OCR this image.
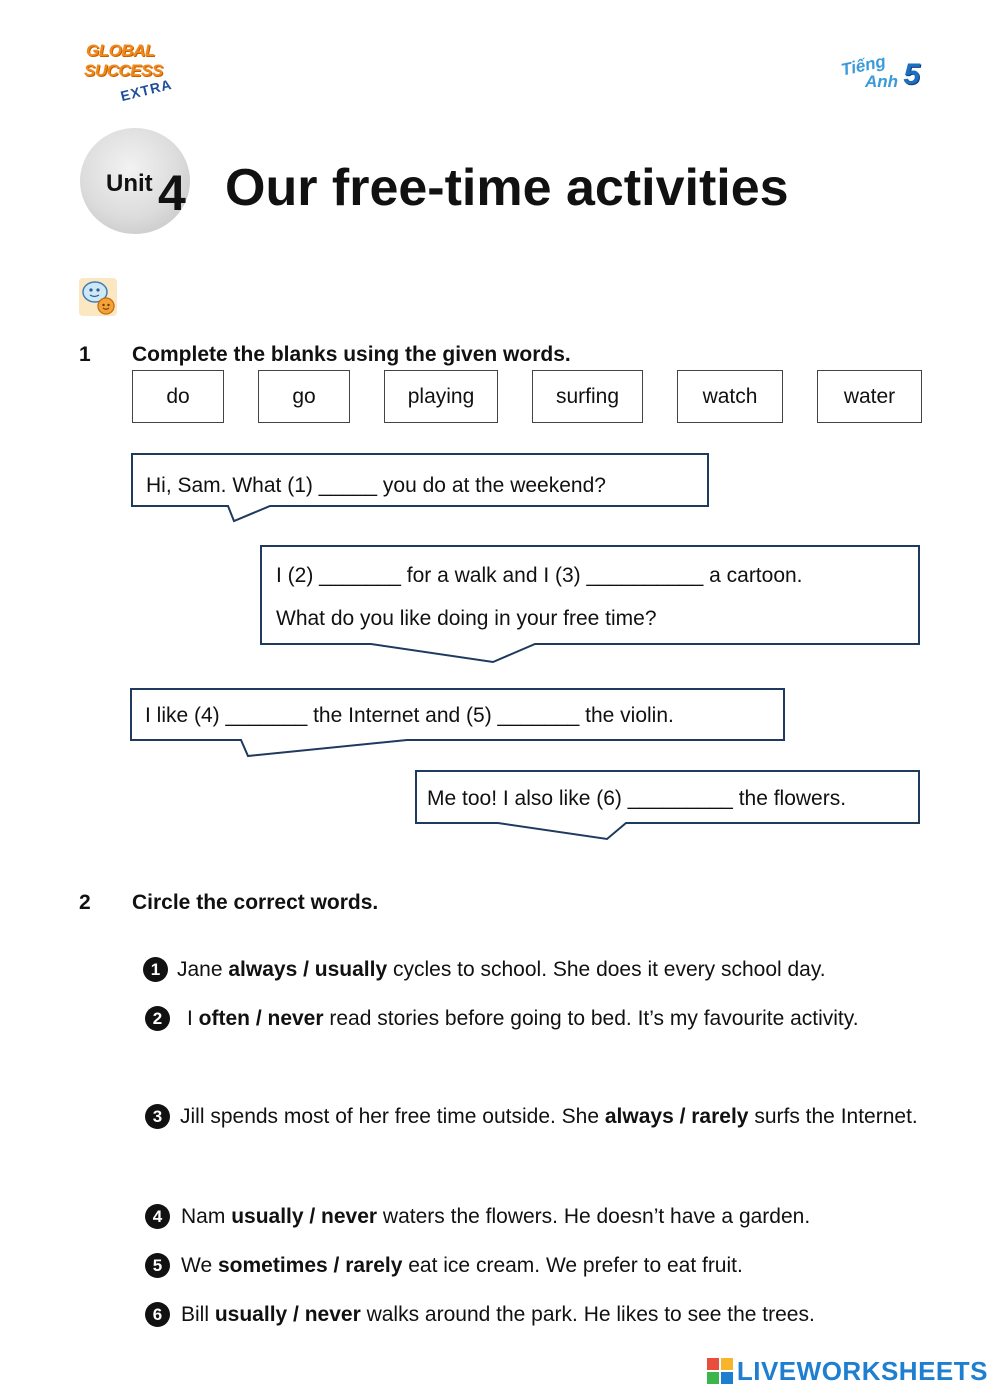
GLOBAL
SUCCESS
EXTRA
Tiếng
Anh 5
Unit 4 Our free-time activities
1 Complete the blanks using the given words.
do	go	playing	surfing	watch	water
Hi, Sam. What (1) _____ you do at the weekend?
I (2) _______ for a walk and I (3) __________ a cartoon.
What do you like doing in your free time?
I like (4) _______ the Internet and (5) _______ the violin.
Me too! I also like (6) _________ the flowers.
2 Circle the correct words.
1 Jane always / usually cycles to school. She does it every school day.
2	I often / never read stories before going to bed. It’s my favourite activity.
3 Jill spends most of her free time outside. She always / rarely surfs the Internet.
4 Nam usually / never waters the flowers. He doesn’t have a garden.
5 We sometimes / rarely eat ice cream. We prefer to eat fruit.
6 Bill usually / never walks around the park. He likes to see the trees.
LIVEWORKSHEETS
